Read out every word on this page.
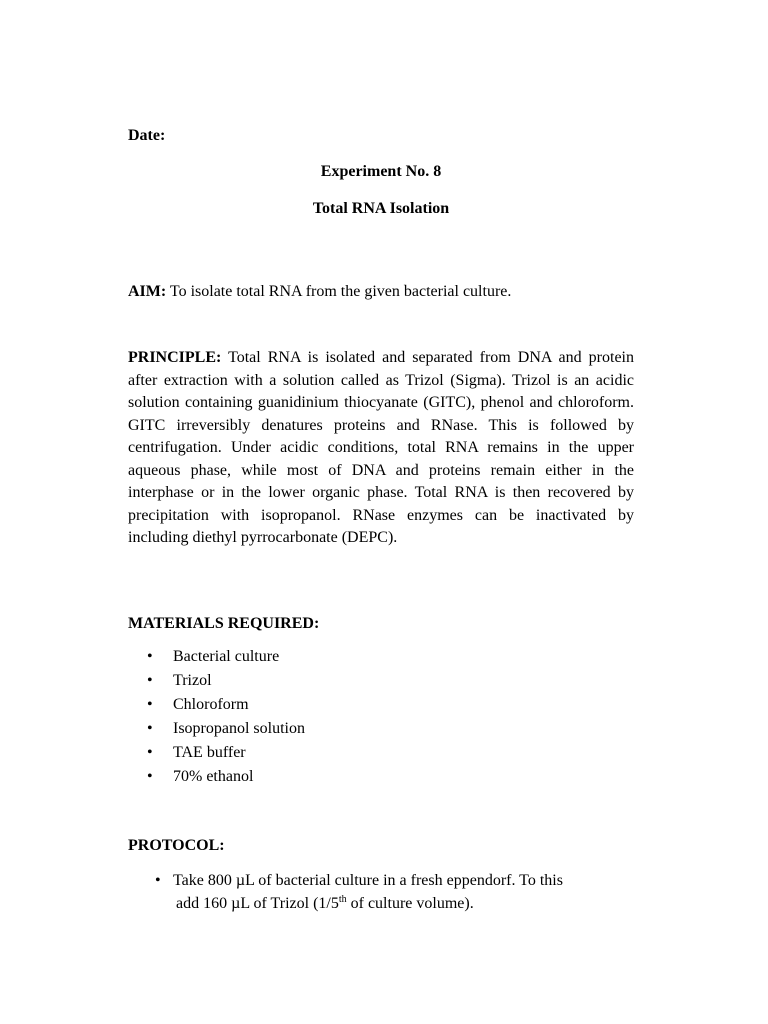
Date:
Experiment No. 8
Total RNA Isolation
AIM: To isolate total RNA from the given bacterial culture.
PRINCIPLE: Total RNA is isolated and separated from DNA and protein after extraction with a solution called as Trizol (Sigma). Trizol is an acidic solution containing guanidinium thiocyanate (GITC), phenol and chloroform. GITC irreversibly denatures proteins and RNase. This is followed by centrifugation. Under acidic conditions, total RNA remains in the upper aqueous phase, while most of DNA and proteins remain either in the interphase or in the lower organic phase. Total RNA is then recovered by precipitation with isopropanol. RNase enzymes can be inactivated by including diethyl pyrrocarbonate (DEPC).
MATERIALS REQUIRED:
• Bacterial culture
• Trizol
• Chloroform
• Isopropanol solution
• TAE buffer
• 70% ethanol
PROTOCOL:
• Take 800 µL of bacterial culture in a fresh eppendorf. To this
add 160 µL of Trizol (1/5th of culture volume).
